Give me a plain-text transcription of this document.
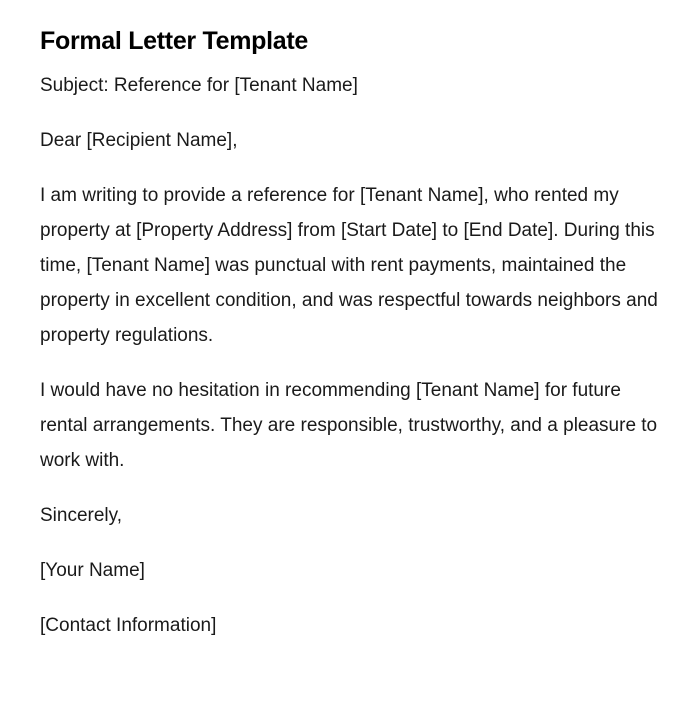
Formal Letter Template

Subject: Reference for [Tenant Name]

Dear [Recipient Name],

I am writing to provide a reference for [Tenant Name], who rented my property at [Property Address] from [Start Date] to [End Date]. During this time, [Tenant Name] was punctual with rent payments, maintained the property in excellent condition, and was respectful towards neighbors and property regulations.

I would have no hesitation in recommending [Tenant Name] for future rental arrangements. They are responsible, trustworthy, and a pleasure to work with.

Sincerely,

[Your Name]

[Contact Information]
